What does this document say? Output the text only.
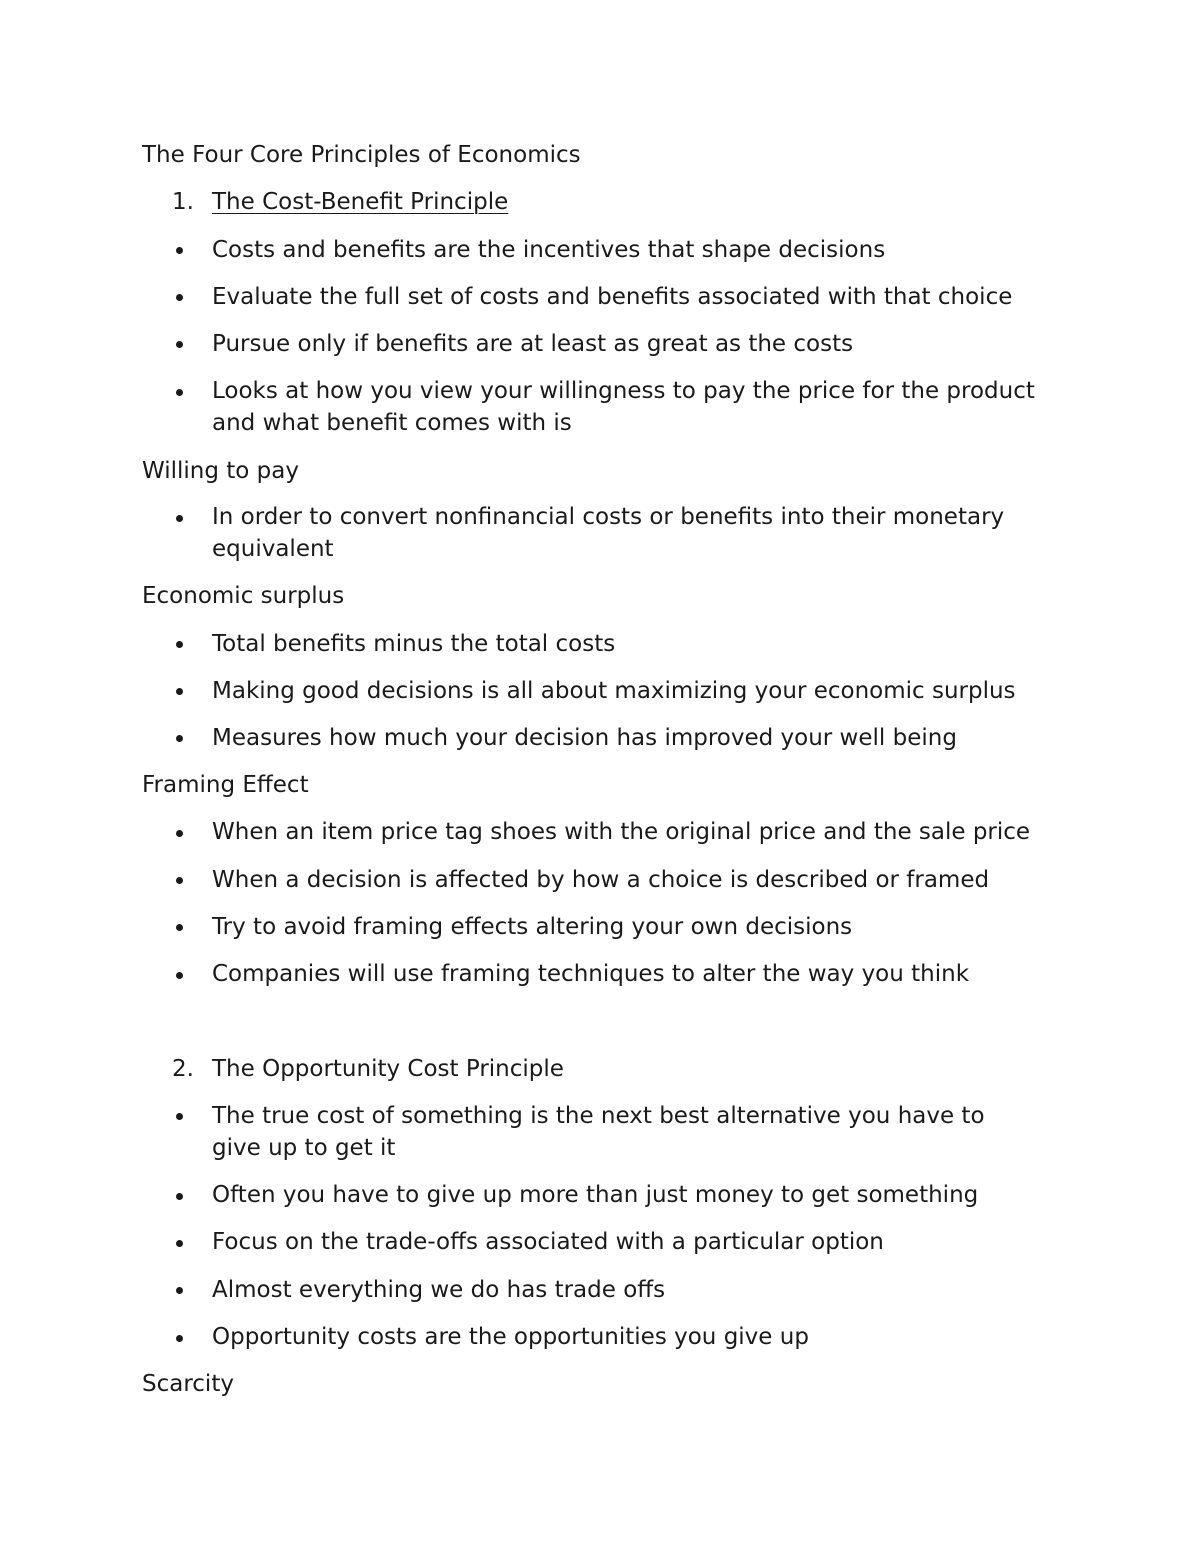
The Four Core Principles of Economics
1. The Cost-Benefit Principle
Costs and benefits are the incentives that shape decisions
Evaluate the full set of costs and benefits associated with that choice
Pursue only if benefits are at least as great as the costs
Looks at how you view your willingness to pay the price for the product and what benefit comes with is
Willing to pay
In order to convert nonfinancial costs or benefits into their monetary equivalent
Economic surplus
Total benefits minus the total costs
Making good decisions is all about maximizing your economic surplus
Measures how much your decision has improved your well being
Framing Effect
When an item price tag shoes with the original price and the sale price
When a decision is affected by how a choice is described or framed
Try to avoid framing effects altering your own decisions
Companies will use framing techniques to alter the way you think
2. The Opportunity Cost Principle
The true cost of something is the next best alternative you have to give up to get it
Often you have to give up more than just money to get something
Focus on the trade-offs associated with a particular option
Almost everything we do has trade offs
Opportunity costs are the opportunities you give up
Scarcity
